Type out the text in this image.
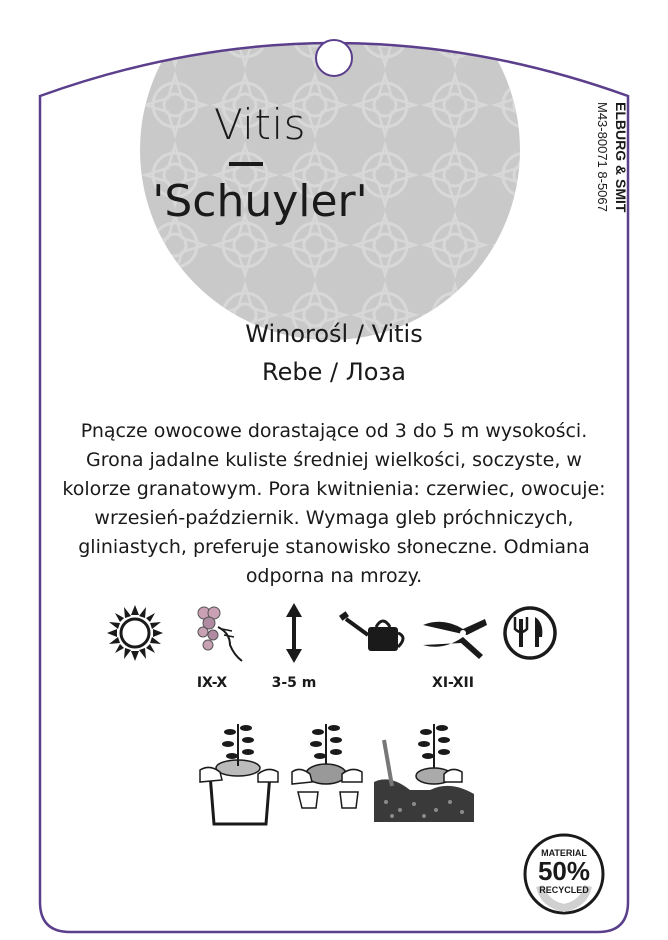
Vitis
'Schuyler'
Winorośl / Vitis
Rebe / Лоза
Pnącze owocowe dorastające od 3 do 5 m wysokości.
Grona jadalne kuliste średniej wielkości, soczyste, w
kolorze granatowym. Pora kwitnienia: czerwiec, owocuje:
wrzesień-październik. Wymaga gleb próchniczych,
gliniastych, preferuje stanowisko słoneczne. Odmiana
odporna na mrozy.
ELBURG & SMIT
M43-80071 8-5067
IX-X	3-5 m	XI-XII
MATERIAL
50%
RECYCLED
